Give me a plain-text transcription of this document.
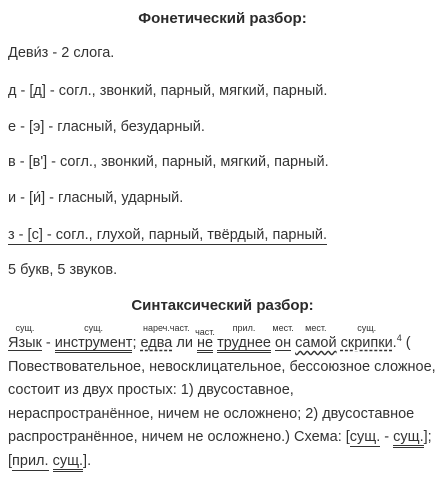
Фонетический разбор:
Деви́з - 2 слога.
д - [д] - согл., звонкий, парный, мягкий, парный.
е - [э] - гласный, безударный.
в - [в'] - согл., звонкий, парный, мягкий, парный.
и - [и́] - гласный, ударный.
з - [с] - согл., глухой, парный, твёрдый, парный.
5 букв, 5 звуков.
Синтаксический разбор:
сущ.
Язык -
сущ.
инструмент;
нареч.
едва
част.
ли
част.
не
прил.
труднее
мест.
он
мест.
самой
сущ.
скрипки.$^4$ ( Повествовательное, невосклицательное, бессоюзное сложное, состоит из двух простых: 1) двусоставное, нераспространённое, ничем не осложнено; 2) двусоставное распространённое, ничем не осложнено.) Схема: [сущ. - сущ.]; [прил. сущ.].
